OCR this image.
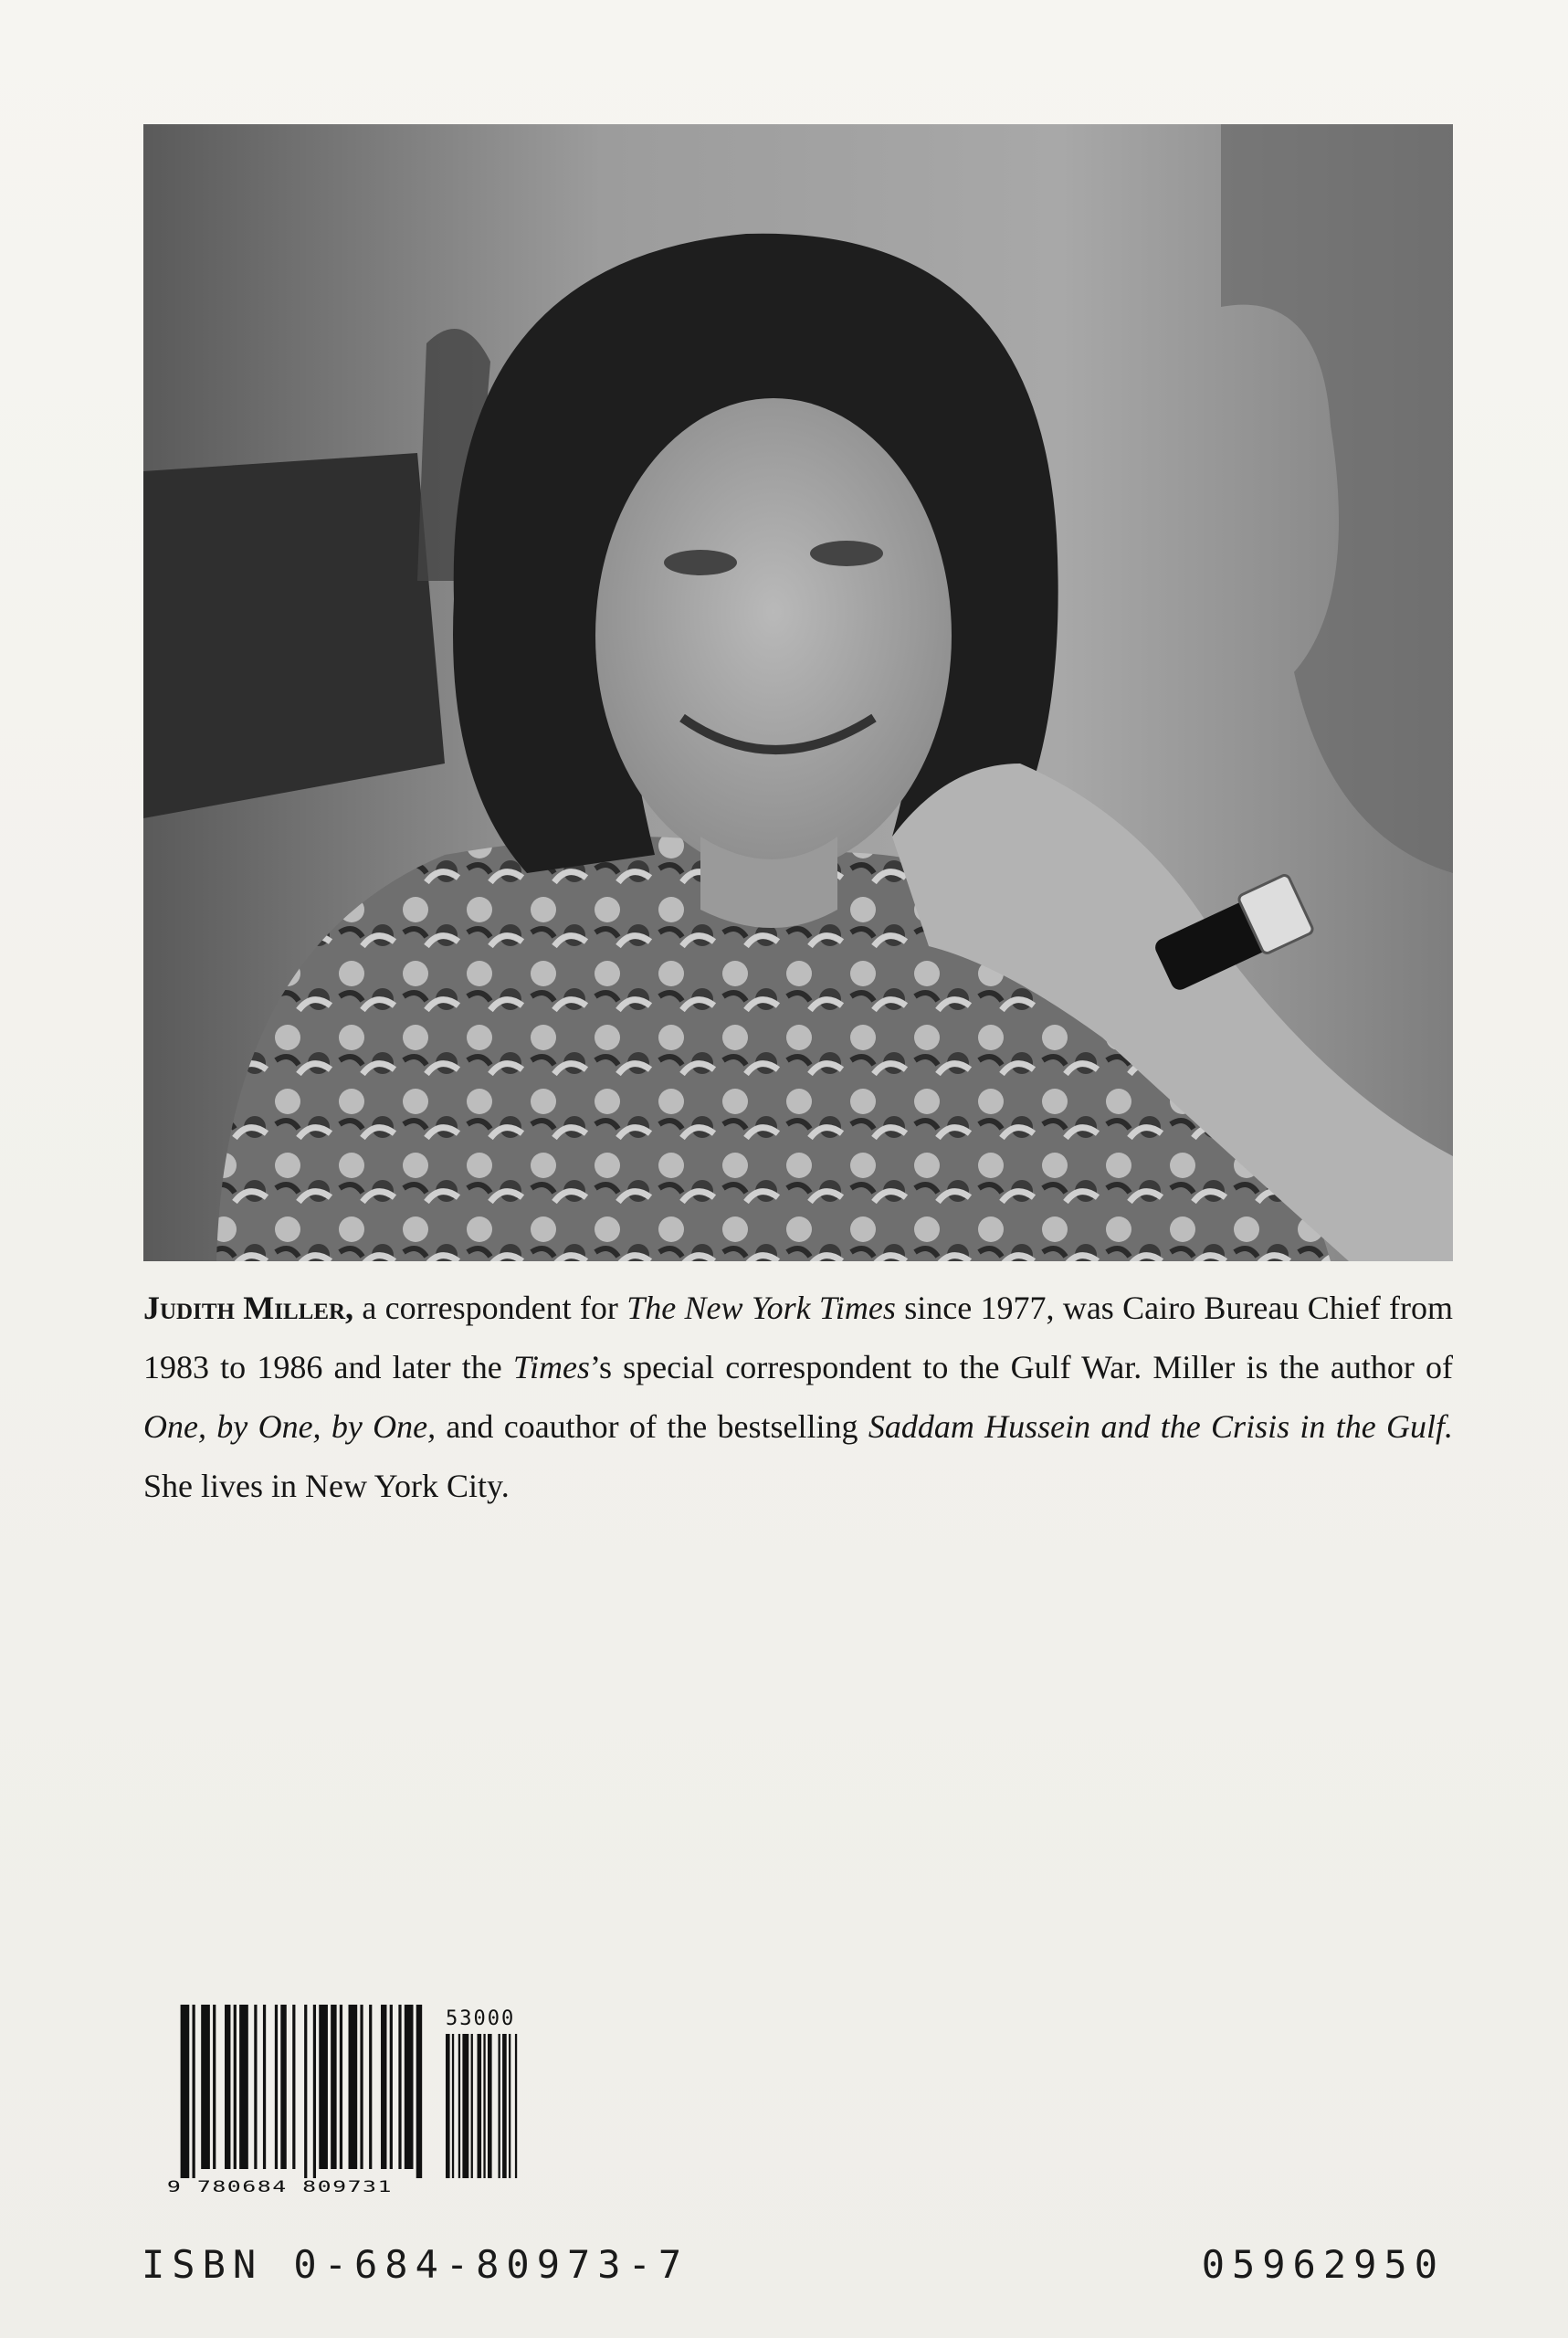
Judith Miller, a correspondent for The New York Times since 1977, was Cairo Bureau Chief from 1983 to 1986 and later the Times’s special correspondent to the Gulf War. Miller is the author of One, by One, by One, and coauthor of the bestselling Saddam Hussein and the Crisis in the Gulf. She lives in New York City.
9 780684 809731
53000
ISBN 0-684-80973-7	05962950
